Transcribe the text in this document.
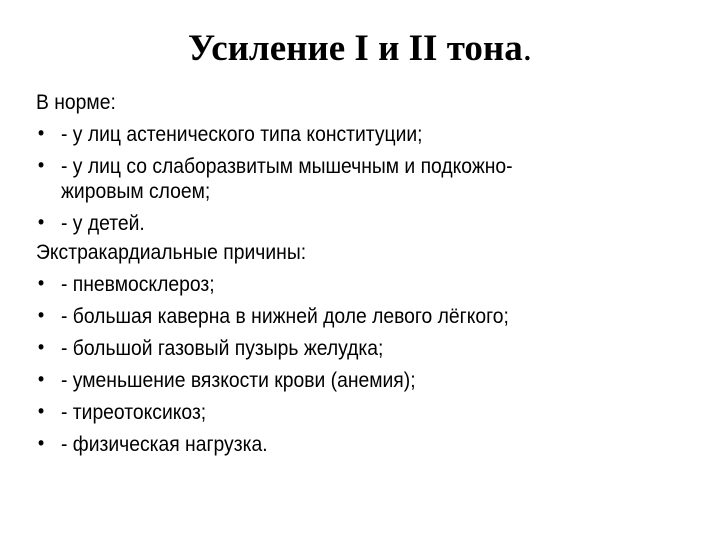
Усиление I и II тона.

В норме:

• - у лиц астенического типа конституции;
• - у лиц со слаборазвитым мышечным и подкожно-жировым слоем;
• - у детей.

Экстракардиальные причины:

• - пневмосклероз;
• - большая каверна в нижней доле левого лёгкого;
• - большой газовый пузырь желудка;
• - уменьшение вязкости крови (анемия);
• - тиреотоксикоз;
• - физическая нагрузка.
